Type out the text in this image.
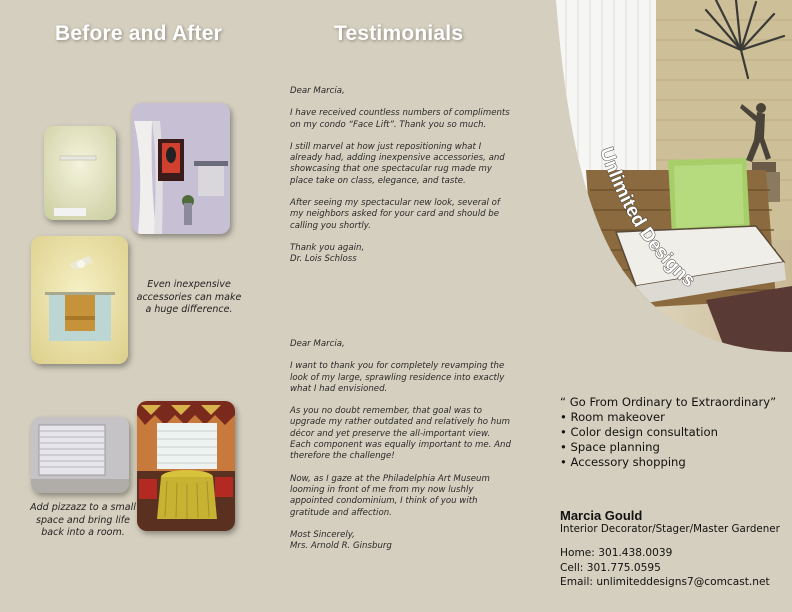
Before and After	Testimonials
Even inexpensive accessories can make a huge difference.
Add pizzazz to a small space and bring life back into a room.

Dear Marcia,

I have received countless numbers of compliments on my condo “Face Lift”. Thank you so much.

I still marvel at how just repositioning what I already had, adding inexpensive accessories, and showcasing that one spectacular rug made my place take on class, elegance, and taste.

After seeing my spectacular new look, several of my neighbors asked for your card and should be calling you shortly.

Thank you again,
Dr. Lois Schloss

Dear Marcia,

I want to thank you for completely revamping the look of my large, sprawling residence into exactly what I had envisioned.

As you no doubt remember, that goal was to upgrade my rather outdated and relatively ho hum décor and yet preserve the all-important view. Each component was equally important to me. And therefore the challenge!

Now, as I gaze at the Philadelphia Art Museum looming in front of me from my now lushly appointed condominium, I think of you with gratitude and affection.

Most Sincerely,
Mrs. Arnold R. Ginsburg

Unlimited Designs
“ Go From Ordinary to Extraordinary”
• Room makeover
• Color design consultation
• Space planning
• Accessory shopping
Marcia Gould
Interior Decorator/Stager/Master Gardener
Home: 301.438.0039
Cell: 301.775.0595
Email: unlimiteddesigns7@comcast.net
